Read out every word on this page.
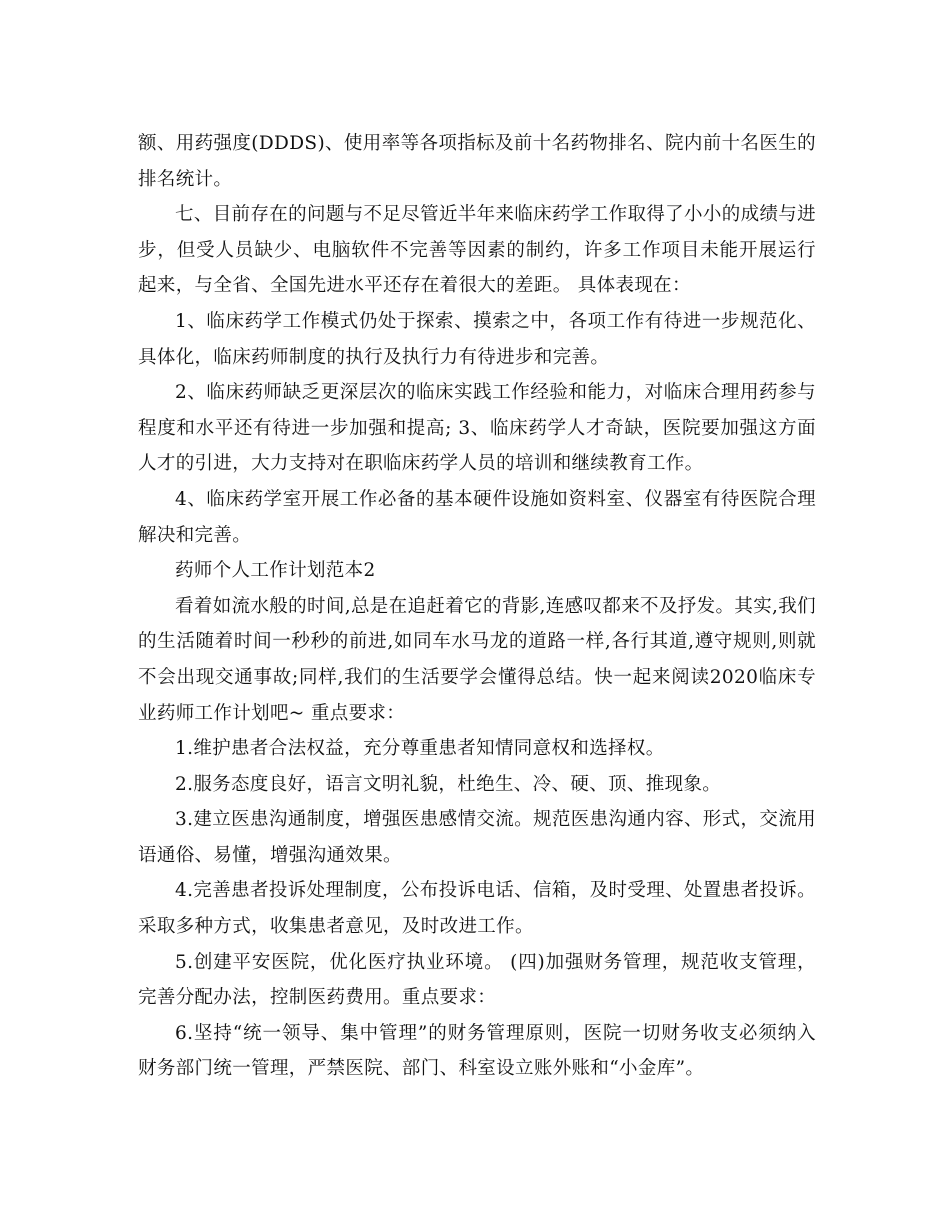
额、用药强度(DDDS)、使用率等各项指标及前十名药物排名、院内前十名医生的排名统计。

七、目前存在的问题与不足尽管近半年来临床药学工作取得了小小的成绩与进步，但受人员缺少、电脑软件不完善等因素的制约，许多工作项目未能开展运行起来，与全省、全国先进水平还存在着很大的差距。 具体表现在：

1、临床药学工作模式仍处于探索、摸索之中，各项工作有待进一步规范化、具体化，临床药师制度的执行及执行力有待进步和完善。

2、临床药师缺乏更深层次的临床实践工作经验和能力，对临床合理用药参与程度和水平还有待进一步加强和提高; 3、临床药学人才奇缺，医院要加强这方面人才的引进，大力支持对在职临床药学人员的培训和继续教育工作。

4、临床药学室开展工作必备的基本硬件设施如资料室、仪器室有待医院合理解决和完善。

药师个人工作计划范本2

看着如流水般的时间,总是在追赶着它的背影,连感叹都来不及抒发。其实,我们的生活随着时间一秒秒的前进,如同车水马龙的道路一样,各行其道,遵守规则,则就不会出现交通事故;同样,我们的生活要学会懂得总结。快一起来阅读2020临床专业药师工作计划吧~ 重点要求：

1.维护患者合法权益，充分尊重患者知情同意权和选择权。

2.服务态度良好，语言文明礼貌，杜绝生、冷、硬、顶、推现象。

3.建立医患沟通制度，增强医患感情交流。规范医患沟通内容、形式，交流用语通俗、易懂，增强沟通效果。

4.完善患者投诉处理制度，公布投诉电话、信箱，及时受理、处置患者投诉。采取多种方式，收集患者意见，及时改进工作。

5.创建平安医院，优化医疗执业环境。 (四)加强财务管理，规范收支管理，完善分配办法，控制医药费用。重点要求：

6.坚持“统一领导、集中管理”的财务管理原则，医院一切财务收支必须纳入财务部门统一管理，严禁医院、部门、科室设立账外账和“小金库”。
